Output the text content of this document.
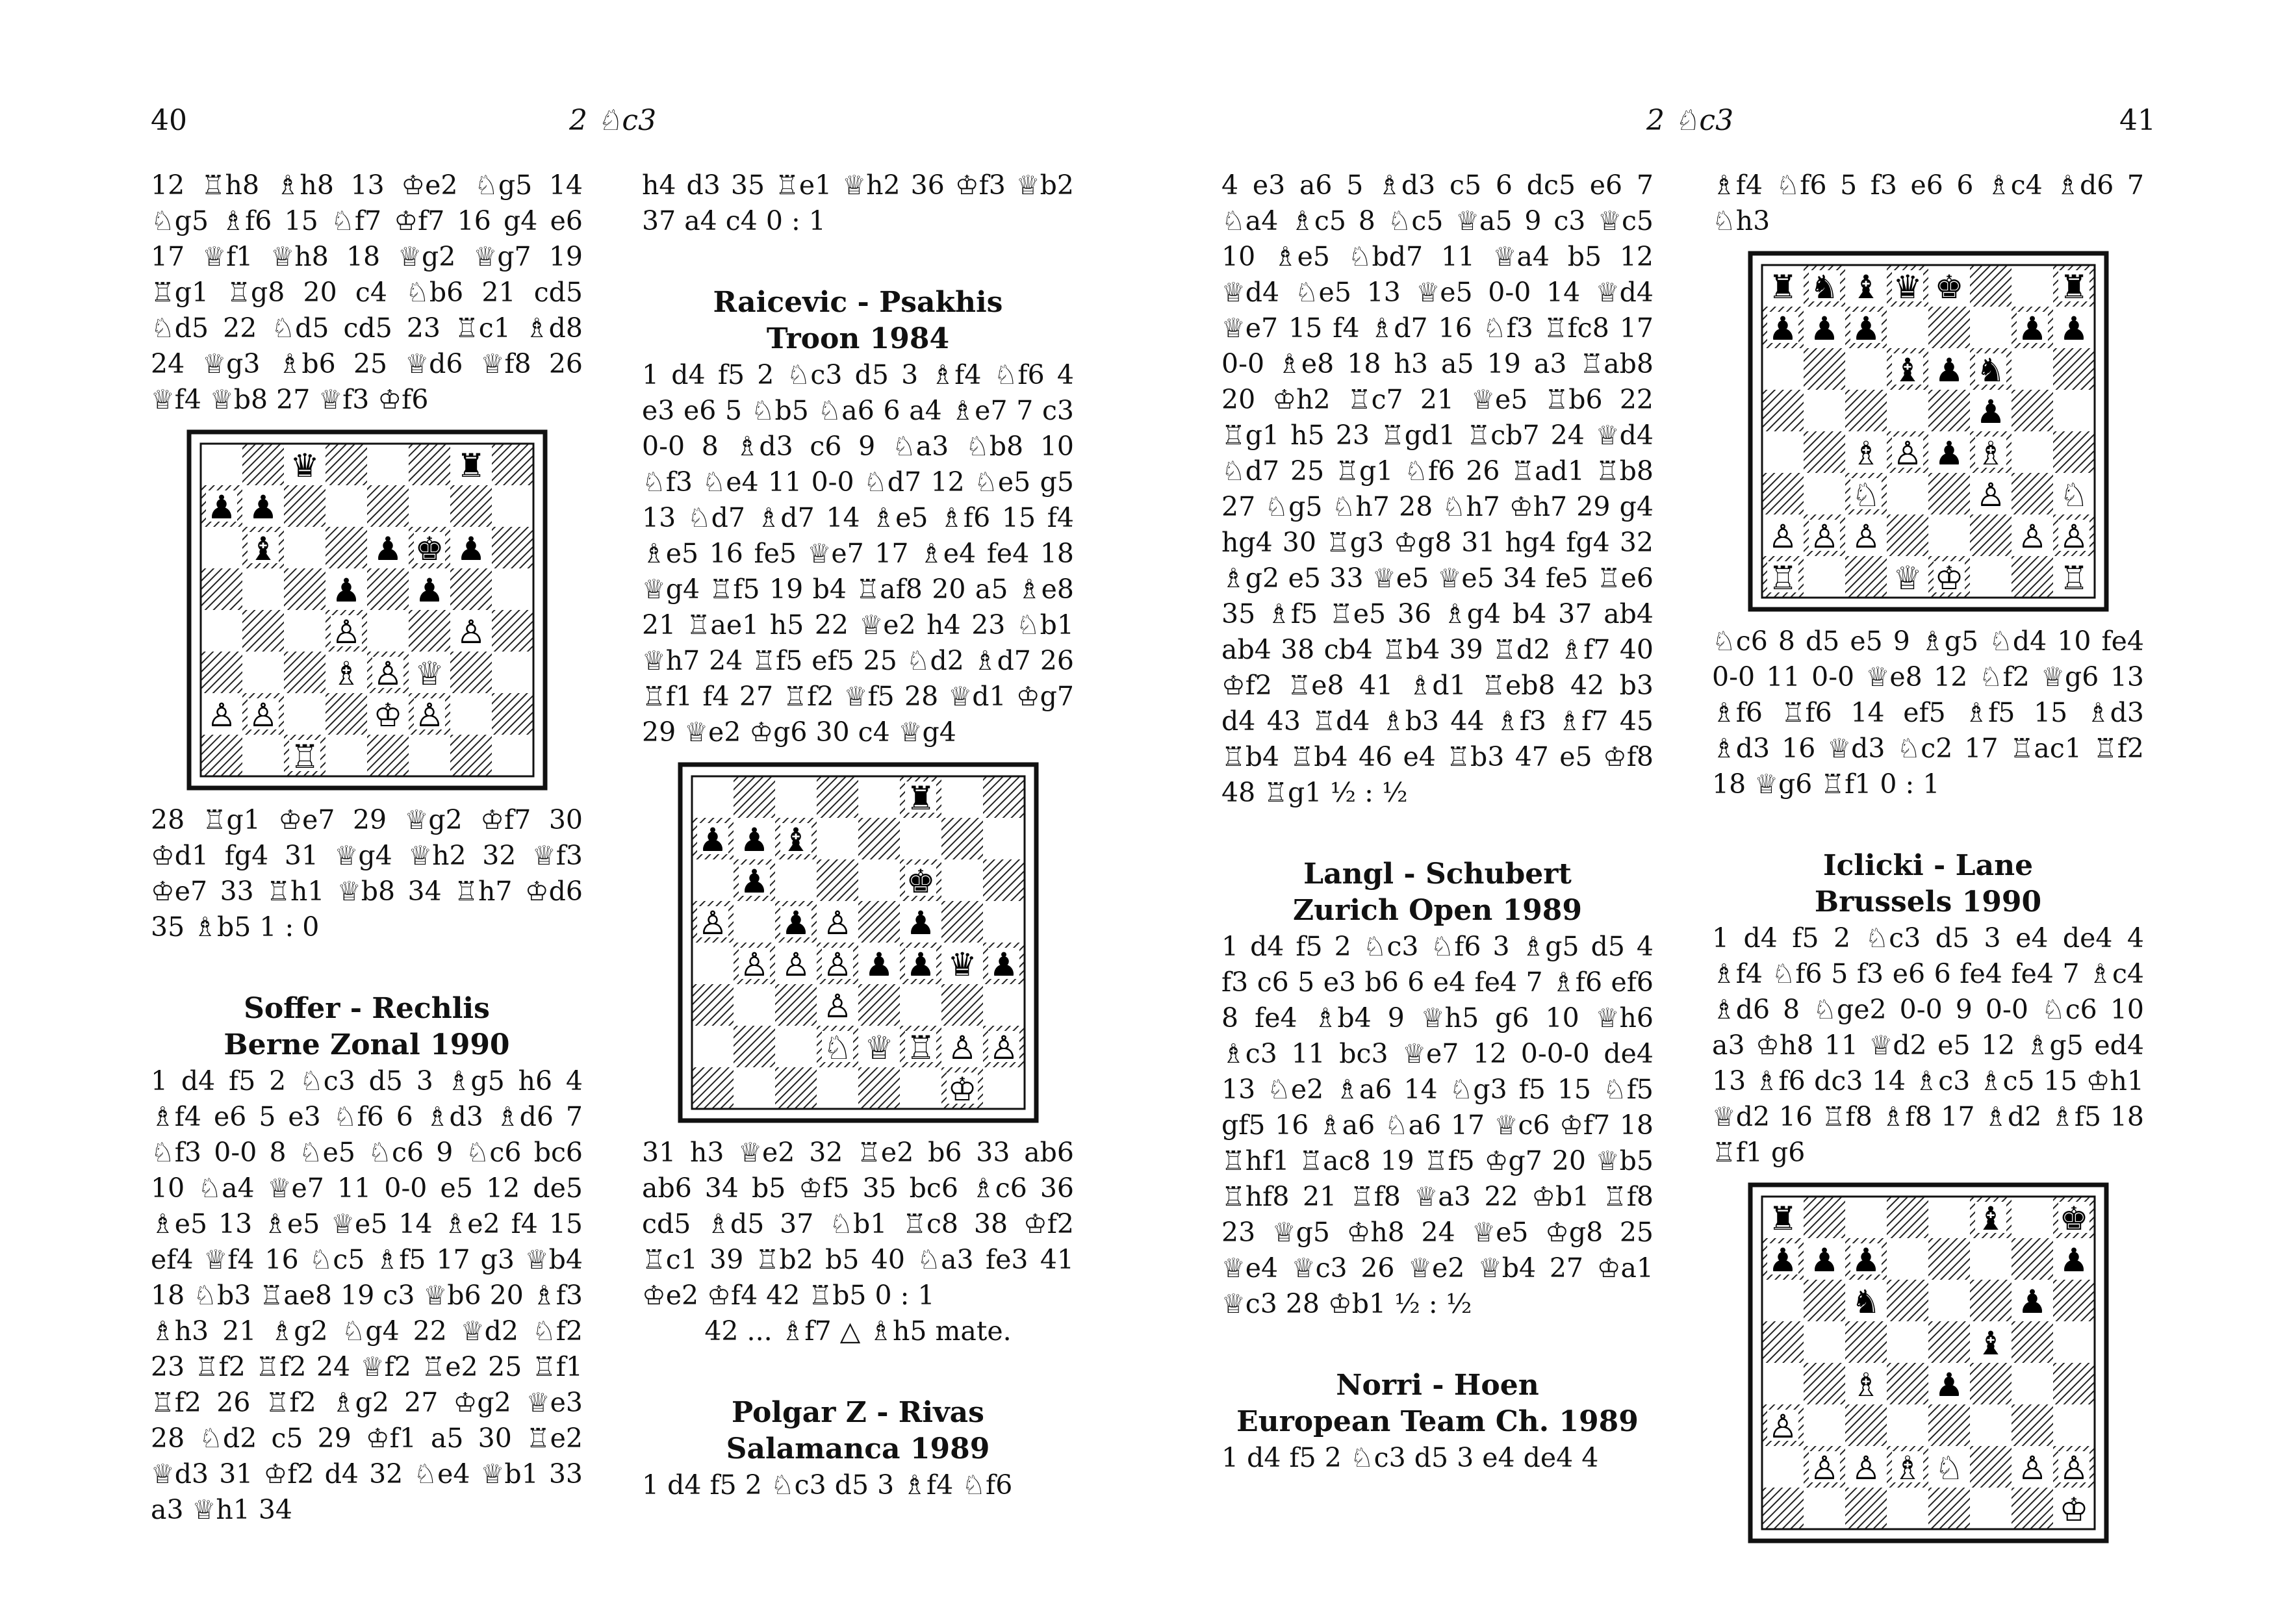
40	2 ♘c3

12 ♖h8 ♗h8 13 ♔e2 ♘g5 14 ♘g5 ♗f6 15 ♘f7 ♔f7 16 g4 e6 17 ♕f1 ♕h8 18 ♕g2 ♕g7 19 ♖g1 ♖g8 20 c4 ♘b6 21 cd5 ♘d5 22 ♘d5 cd5 23 ♖c1 ♗d8 24 ♕g3 ♗b6 25 ♕d6 ♕f8 26 ♕f4 ♕b8 27 ♕f3 ♔f6

♛	♜
♟ ♟
♝	♟ ♚ ♟
♟ ♟
♙	♙
♗ ♙ ♕
♙ ♙	♔ ♙
♖

28 ♖g1 ♔e7 29 ♕g2 ♔f7 30 ♔d1 fg4 31 ♕g4 ♕h2 32 ♕f3 ♔e7 33 ♖h1 ♕b8 34 ♖h7 ♔d6 35 ♗b5 1 : 0

Soffer - Rechlis

Berne Zonal 1990

1 d4 f5 2 ♘c3 d5 3 ♗g5 h6 4 ♗f4 e6 5 e3 ♘f6 6 ♗d3 ♗d6 7 ♘f3 0-0 8 ♘e5 ♘c6 9 ♘c6 bc6 10 ♘a4 ♕e7 11 0-0 e5 12 de5 ♗e5 13 ♗e5 ♕e5 14 ♗e2 f4 15 ef4 ♕f4 16 ♘c5 ♗f5 17 g3 ♕b4 18 ♘b3 ♖ae8 19 c3 ♕b6 20 ♗f3 ♗h3 21 ♗g2 ♘g4 22 ♕d2 ♘f2 23 ♖f2 ♖f2 24 ♕f2 ♖e2 25 ♖f1 ♖f2 26 ♖f2 ♗g2 27 ♔g2 ♕e3 28 ♘d2 c5 29 ♔f1 a5 30 ♖e2 ♕d3 31 ♔f2 d4 32 ♘e4 ♕b1 33 a3 ♕h1 34

h4 d3 35 ♖e1 ♕h2 36 ♔f3 ♕b2 37 a4 c4 0 : 1

Raicevic - Psakhis

Troon 1984

1 d4 f5 2 ♘c3 d5 3 ♗f4 ♘f6 4 e3 e6 5 ♘b5 ♘a6 6 a4 ♗e7 7 c3 0-0 8 ♗d3 c6 9 ♘a3 ♘b8 10 ♘f3 ♘e4 11 0-0 ♘d7 12 ♘e5 g5 13 ♘d7 ♗d7 14 ♗e5 ♗f6 15 f4 ♗e5 16 fe5 ♕e7 17 ♗e4 fe4 18 ♕g4 ♖f5 19 b4 ♖af8 20 a5 ♗e8 21 ♖ae1 h5 22 ♕e2 h4 23 ♘b1 ♕h7 24 ♖f5 ef5 25 ♘d2 ♗d7 26 ♖f1 f4 27 ♖f2 ♕f5 28 ♕d1 ♔g7 29 ♕e2 ♔g6 30 c4 ♕g4

♜
♟ ♟ ♝
♟	♚
♙ ♟ ♙ ♟
♙ ♙ ♙ ♟ ♟ ♛ ♟
♙
♘ ♕ ♖ ♙ ♙
♔

31 h3 ♕e2 32 ♖e2 b6 33 ab6 ab6 34 b5 ♔f5 35 bc6 ♗c6 36 cd5 ♗d5 37 ♘b1 ♖c8 38 ♔f2 ♖c1 39 ♖b2 b5 40 ♘a3 fe3 41 ♔e2 ♔f4 42 ♖b5 0 : 1

42 ... ♗f7 △ ♗h5 mate.

Polgar Z - Rivas

Salamanca 1989

1 d4 f5 2 ♘c3 d5 3 ♗f4 ♘f6

2 ♘c3	41

4 e3 a6 5 ♗d3 c5 6 dc5 e6 7 ♘a4 ♗c5 8 ♘c5 ♕a5 9 c3 ♕c5 10 ♗e5 ♘bd7 11 ♕a4 b5 12 ♕d4 ♘e5 13 ♕e5 0-0 14 ♕d4 ♕e7 15 f4 ♗d7 16 ♘f3 ♖fc8 17 0-0 ♗e8 18 h3 a5 19 a3 ♖ab8 20 ♔h2 ♖c7 21 ♕e5 ♖b6 22 ♖g1 h5 23 ♖gd1 ♖cb7 24 ♕d4 ♘d7 25 ♖g1 ♘f6 26 ♖ad1 ♖b8 27 ♘g5 ♘h7 28 ♘h7 ♔h7 29 g4 hg4 30 ♖g3 ♔g8 31 hg4 fg4 32 ♗g2 e5 33 ♕e5 ♕e5 34 fe5 ♖e6 35 ♗f5 ♖e5 36 ♗g4 b4 37 ab4 ab4 38 cb4 ♖b4 39 ♖d2 ♗f7 40 ♔f2 ♖e8 41 ♗d1 ♖eb8 42 b3 d4 43 ♖d4 ♗b3 44 ♗f3 ♗f7 45 ♖b4 ♖b4 46 e4 ♖b3 47 e5 ♔f8 48 ♖g1 ½ : ½

Langl - Schubert

Zurich Open 1989

1 d4 f5 2 ♘c3 ♘f6 3 ♗g5 d5 4 f3 c6 5 e3 b6 6 e4 fe4 7 ♗f6 ef6 8 fe4 ♗b4 9 ♕h5 g6 10 ♕h6 ♗c3 11 bc3 ♕e7 12 0-0-0 de4 13 ♘e2 ♗a6 14 ♘g3 f5 15 ♘f5 gf5 16 ♗a6 ♘a6 17 ♕c6 ♔f7 18 ♖hf1 ♖ac8 19 ♖f5 ♔g7 20 ♕b5 ♖hf8 21 ♖f8 ♕a3 22 ♔b1 ♖f8 23 ♕g5 ♔h8 24 ♕e5 ♔g8 25 ♕e4 ♕c3 26 ♕e2 ♕b4 27 ♔a1 ♕c3 28 ♔b1 ½ : ½

Norri - Hoen

European Team Ch. 1989

1 d4 f5 2 ♘c3 d5 3 e4 de4 4

♗f4 ♘f6 5 f3 e6 6 ♗c4 ♗d6 7 ♘h3

♜ ♞ ♝ ♛ ♚	♜
♟ ♟ ♟	♟ ♟
♝ ♟ ♞
♟
♗ ♙ ♟ ♗
♘	♙ ♘
♙ ♙ ♙	♙ ♙
♖	♕ ♔	♖

♘c6 8 d5 e5 9 ♗g5 ♘d4 10 fe4 0-0 11 0-0 ♕e8 12 ♘f2 ♕g6 13 ♗f6 ♖f6 14 ef5 ♗f5 15 ♗d3 ♗d3 16 ♕d3 ♘c2 17 ♖ac1 ♖f2 18 ♕g6 ♖f1 0 : 1

Iclicki - Lane

Brussels 1990

1 d4 f5 2 ♘c3 d5 3 e4 de4 4 ♗f4 ♘f6 5 f3 e6 6 fe4 fe4 7 ♗c4 ♗d6 8 ♘ge2 0-0 9 0-0 ♘c6 10 a3 ♔h8 11 ♕d2 e5 12 ♗g5 ed4 13 ♗f6 dc3 14 ♗c3 ♗c5 15 ♔h1 ♕d2 16 ♖f8 ♗f8 17 ♗d2 ♗f5 18 ♖f1 g6

♜	♝ ♚
♟ ♟ ♟	♟
♞	♟
♝
♗ ♟
♙
♙ ♙ ♗ ♘ ♙ ♙
♔
